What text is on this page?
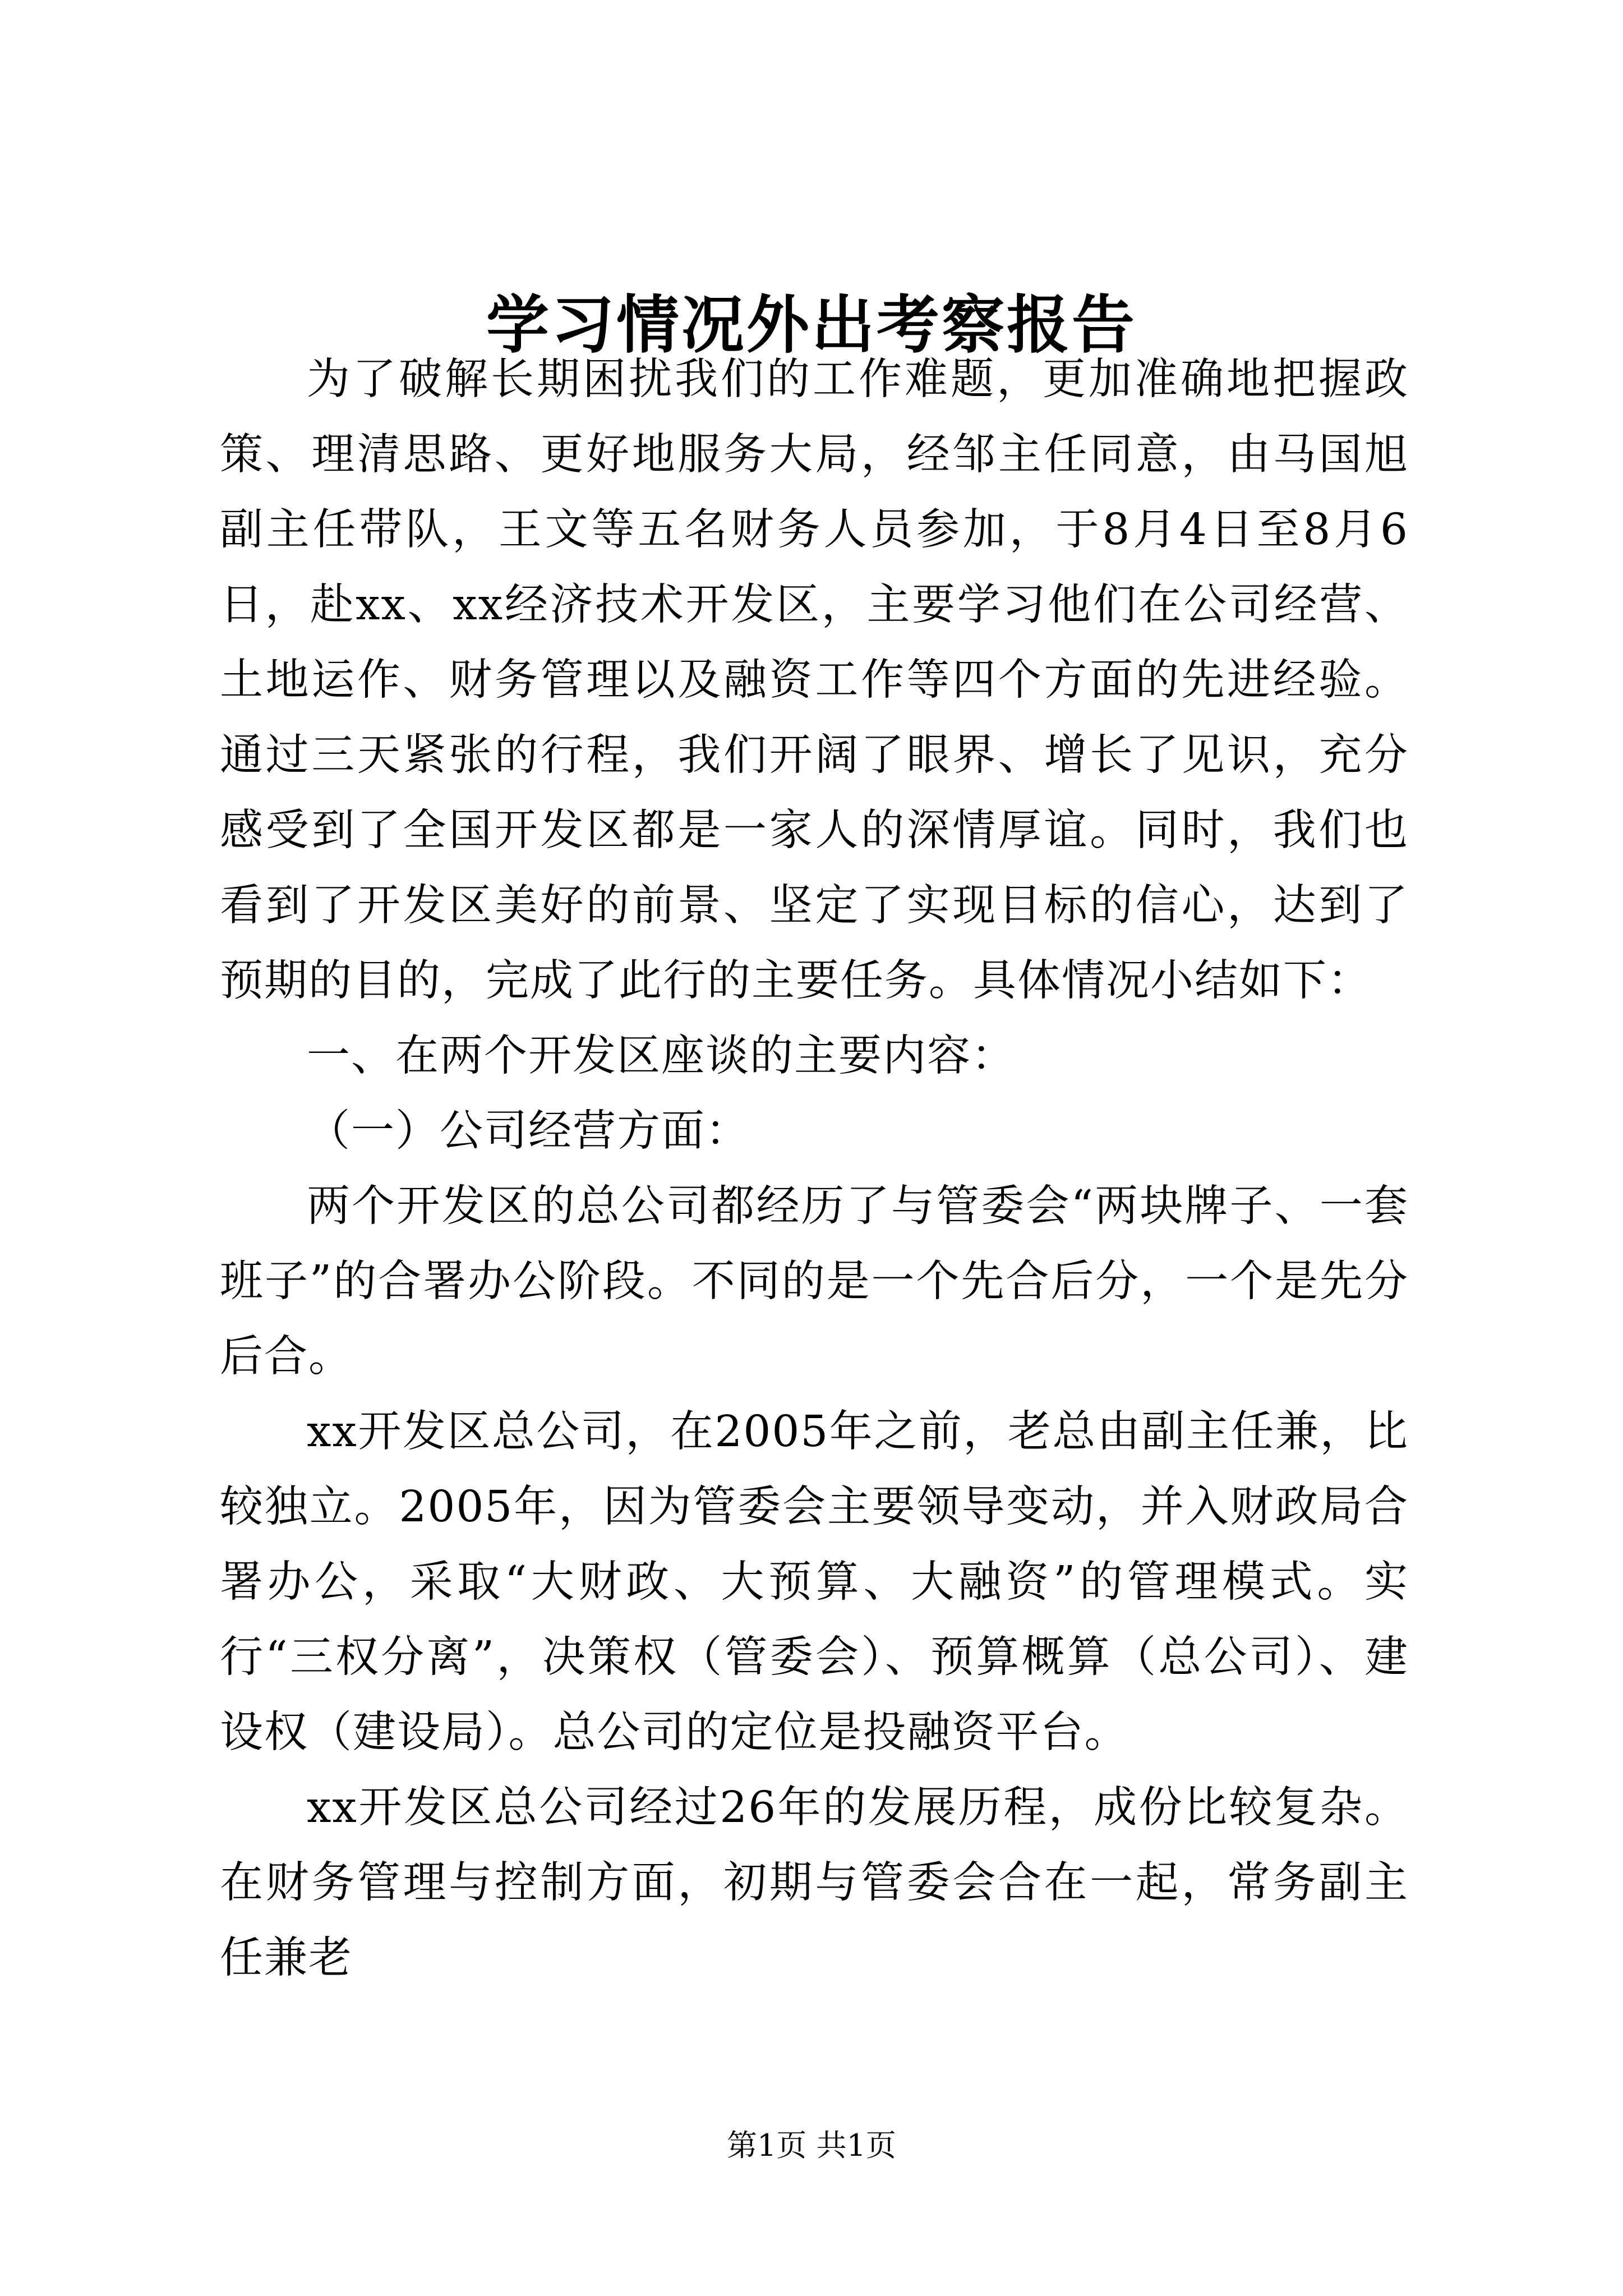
学习情况外出考察报告

为了破解长期困扰我们的工作难题，更加准确地把握政策、理清思路、更好地服务大局，经邹主任同意，由马国旭副主任带队，王文等五名财务人员参加，于8月4日至8月6日，赴xx、xx经济技术开发区，主要学习他们在公司经营、土地运作、财务管理以及融资工作等四个方面的先进经验。通过三天紧张的行程，我们开阔了眼界、增长了见识，充分感受到了全国开发区都是一家人的深情厚谊。同时，我们也看到了开发区美好的前景、坚定了实现目标的信心，达到了预期的目的，完成了此行的主要任务。具体情况小结如下：

一、在两个开发区座谈的主要内容：

（一）公司经营方面：

两个开发区的总公司都经历了与管委会“两块牌子、一套班子”的合署办公阶段。不同的是一个先合后分，一个是先分后合。

xx开发区总公司，在2005年之前，老总由副主任兼，比较独立。2005年，因为管委会主要领导变动，并入财政局合署办公，采取“大财政、大预算、大融资”的管理模式。实行“三权分离”，决策权（管委会）、预算概算（总公司）、建设权（建设局）。总公司的定位是投融资平台。

xx开发区总公司经过26年的发展历程，成份比较复杂。在财务管理与控制方面，初期与管委会合在一起，常务副主任兼老

第1页 共1页
